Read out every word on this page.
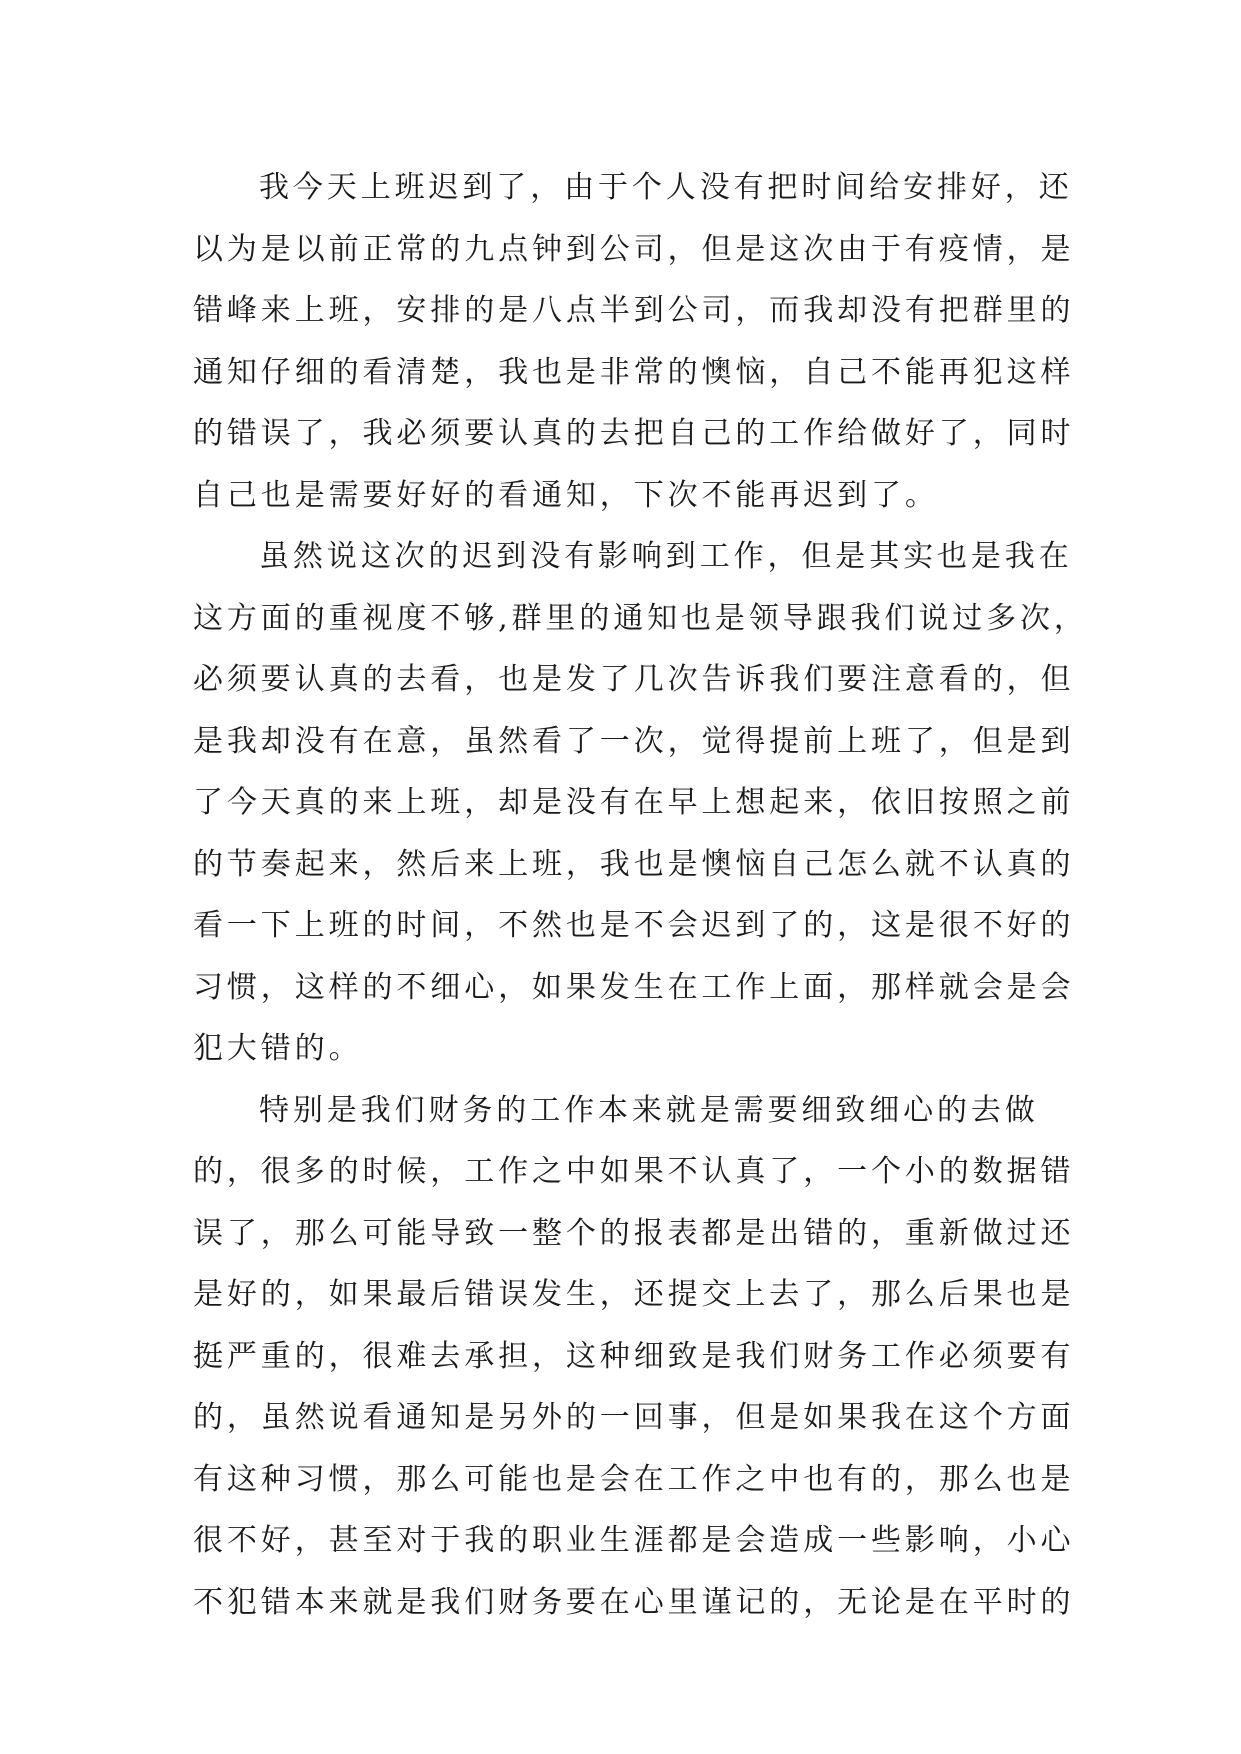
我今天上班迟到了，由于个人没有把时间给安排好，还
以为是以前正常的九点钟到公司，但是这次由于有疫情，是
错峰来上班，安排的是八点半到公司，而我却没有把群里的
通知仔细的看清楚，我也是非常的懊恼，自己不能再犯这样
的错误了，我必须要认真的去把自己的工作给做好了，同时
自己也是需要好好的看通知，下次不能再迟到了。
虽然说这次的迟到没有影响到工作，但是其实也是我在
这方面的重视度不够,群里的通知也是领导跟我们说过多次，
必须要认真的去看，也是发了几次告诉我们要注意看的，但
是我却没有在意，虽然看了一次，觉得提前上班了，但是到
了今天真的来上班，却是没有在早上想起来，依旧按照之前
的节奏起来，然后来上班，我也是懊恼自己怎么就不认真的
看一下上班的时间，不然也是不会迟到了的，这是很不好的
习惯，这样的不细心，如果发生在工作上面，那样就会是会
犯大错的。
特别是我们财务的工作本来就是需要细致细心的去做
的，很多的时候，工作之中如果不认真了，一个小的数据错
误了，那么可能导致一整个的报表都是出错的，重新做过还
是好的，如果最后错误发生，还提交上去了，那么后果也是
挺严重的，很难去承担，这种细致是我们财务工作必须要有
的，虽然说看通知是另外的一回事，但是如果我在这个方面
有这种习惯，那么可能也是会在工作之中也有的，那么也是
很不好，甚至对于我的职业生涯都是会造成一些影响，小心
不犯错本来就是我们财务要在心里谨记的，无论是在平时的
